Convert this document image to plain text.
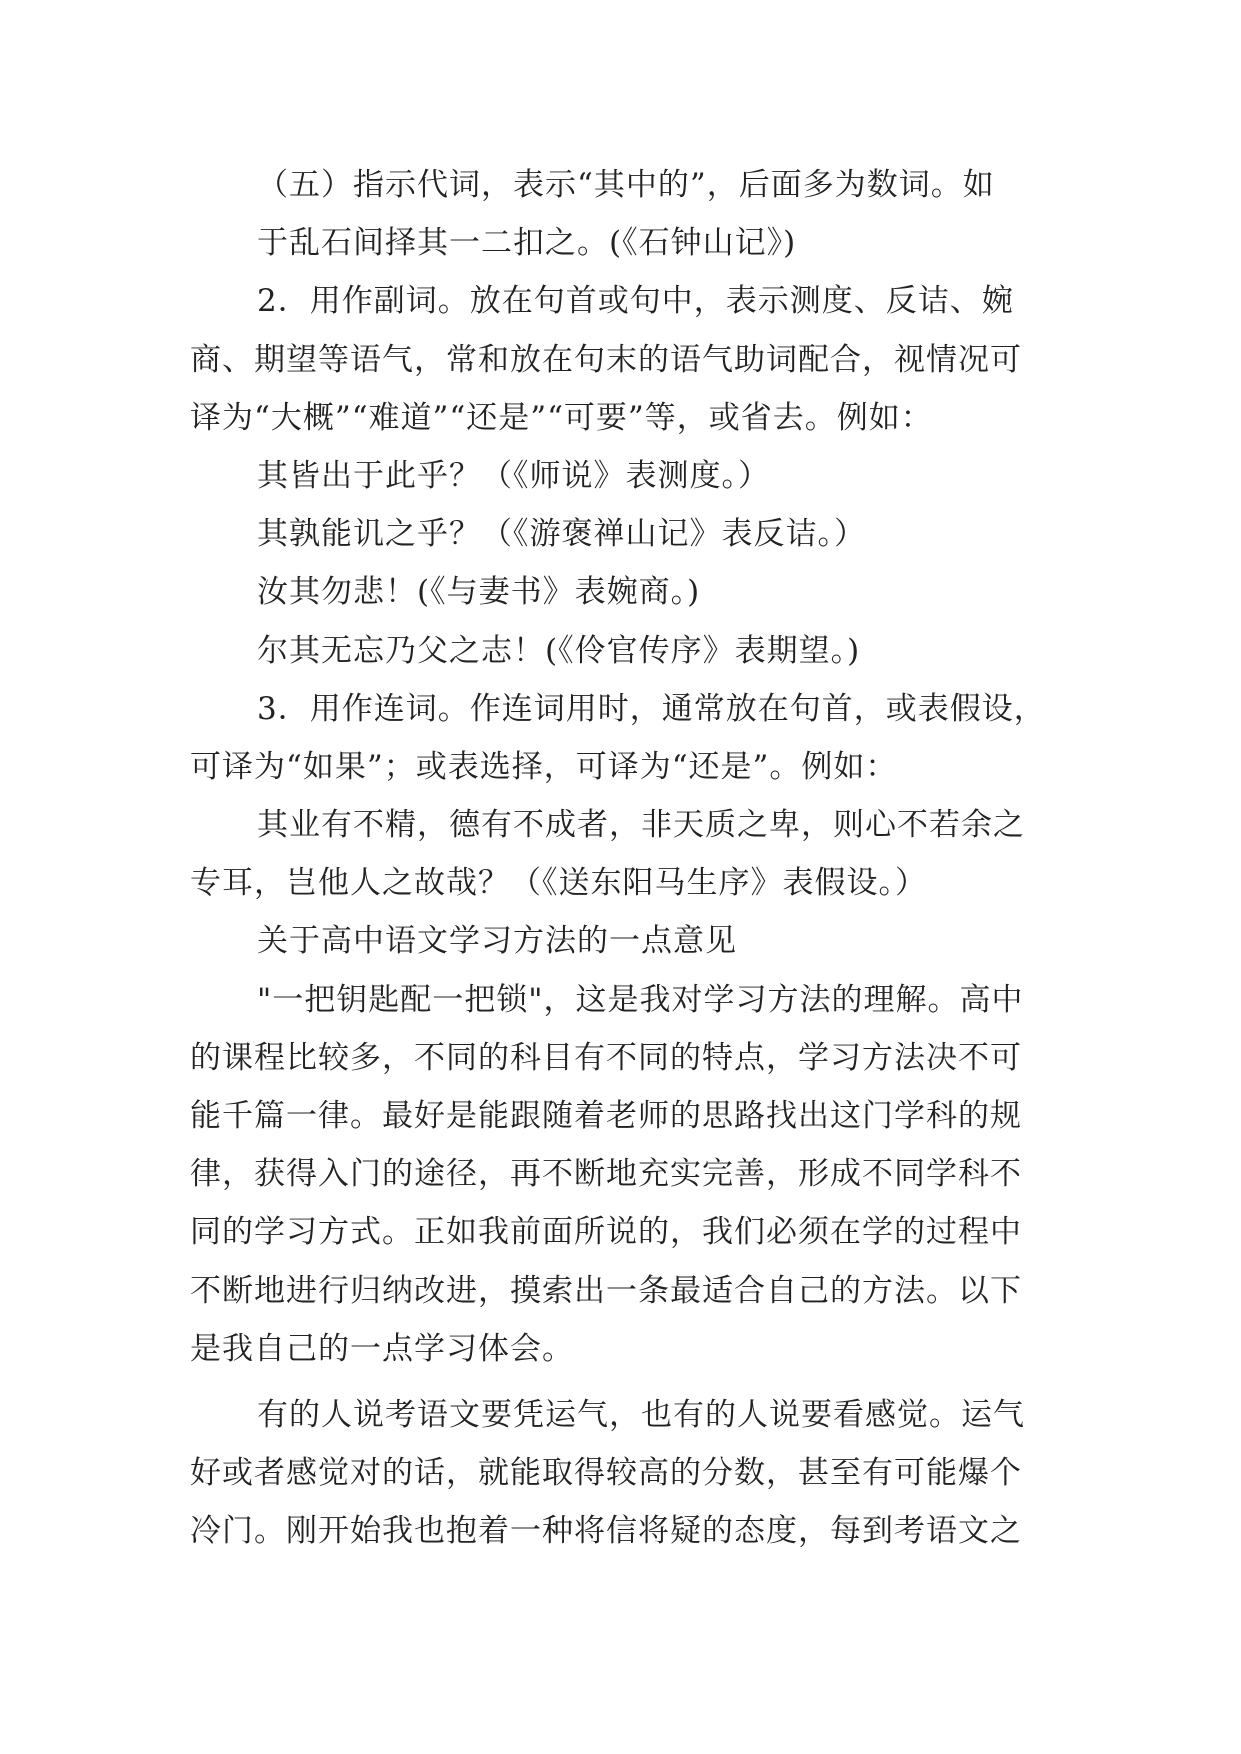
（五）指示代词，表示“其中的”，后面多为数词。如
于乱石间择其一二扣之。(《石钟山记》)
2．用作副词。放在句首或句中，表示测度、反诘、婉
商、期望等语气，常和放在句末的语气助词配合，视情况可
译为“大概”“难道”“还是”“可要”等，或省去。例如：
其皆出于此乎？（《师说》表测度。）
其孰能讥之乎？（《游褒禅山记》表反诘。）
汝其勿悲！(《与妻书》表婉商。)
尔其无忘乃父之志！(《伶官传序》表期望。)
3．用作连词。作连词用时，通常放在句首，或表假设，
可译为“如果”；或表选择，可译为“还是”。例如：
其业有不精，德有不成者，非天质之卑，则心不若余之
专耳，岂他人之故哉？（《送东阳马生序》表假设。）
关于高中语文学习方法的一点意见
"一把钥匙配一把锁"，这是我对学习方法的理解。高中
的课程比较多，不同的科目有不同的特点，学习方法决不可
能千篇一律。最好是能跟随着老师的思路找出这门学科的规
律，获得入门的途径，再不断地充实完善，形成不同学科不
同的学习方式。正如我前面所说的，我们必须在学的过程中
不断地进行归纳改进，摸索出一条最适合自己的方法。以下
是我自己的一点学习体会。
有的人说考语文要凭运气，也有的人说要看感觉。运气
好或者感觉对的话，就能取得较高的分数，甚至有可能爆个
冷门。刚开始我也抱着一种将信将疑的态度，每到考语文之
